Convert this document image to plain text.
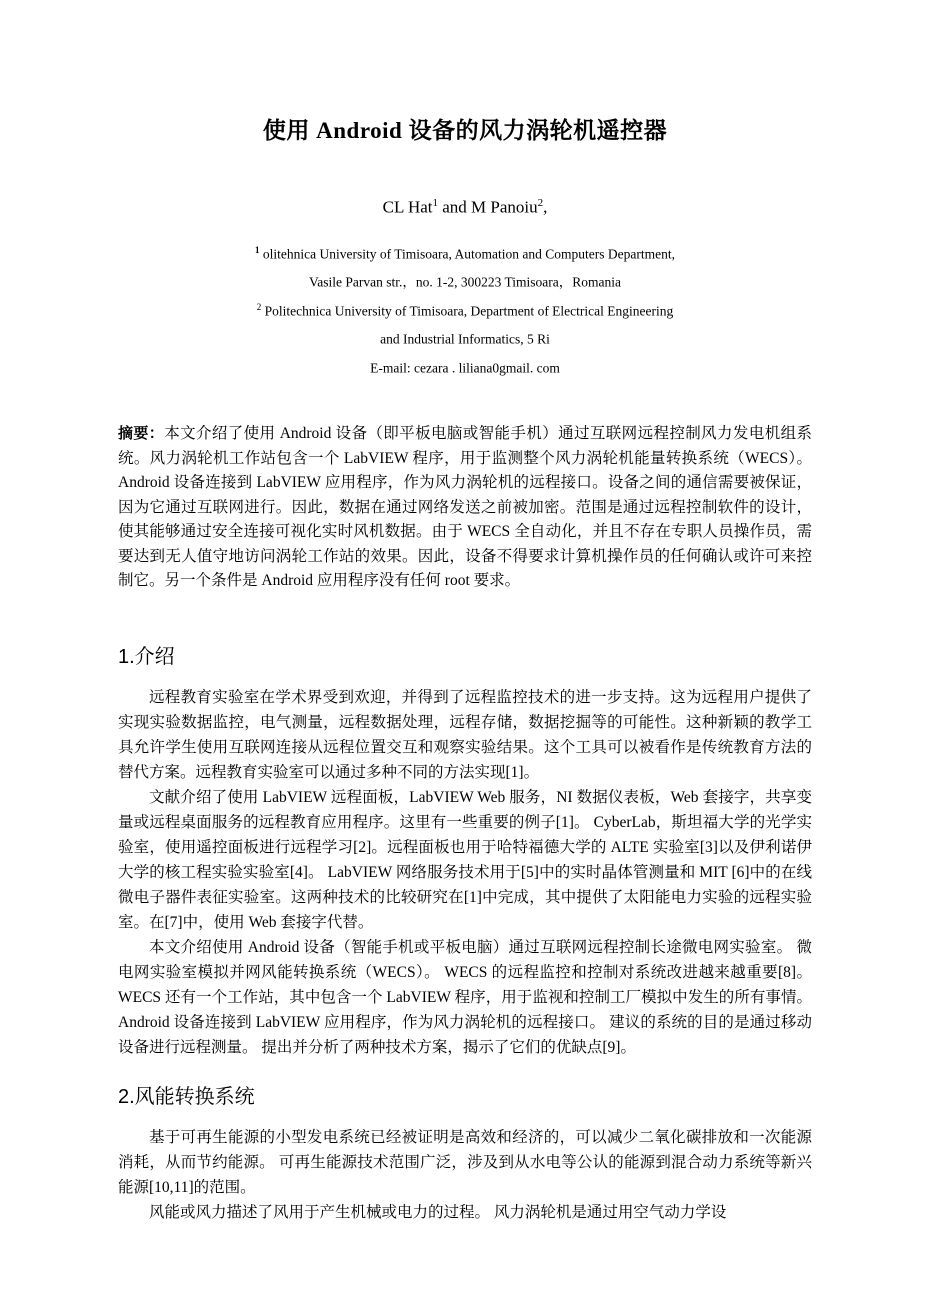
使用 Android 设备的风力涡轮机遥控器
CL Hat$^1$ and M Panoiu$^2$,
$^1$ olitehnica University of Timisoara, Automation and Computers Department,
Vasile Parvan str.，no. 1-2, 300223 Timisoara，Romania
$^2$ Politechnica University of Timisoara, Department of Electrical Engineering
and Industrial Informatics, 5 Ri
E-mail: cezara . liliana0gmail. com

摘要：本文介绍了使用 Android 设备（即平板电脑或智能手机）通过互联网远程控制风力发电机组系统。风力涡轮机工作站包含一个 LabVIEW 程序，用于监测整个风力涡轮机能量转换系统（WECS）。 Android 设备连接到 LabVIEW 应用程序，作为风力涡轮机的远程接口。设备之间的通信需要被保证，因为它通过互联网进行。因此，数据在通过网络发送之前被加密。范围是通过远程控制软件的设计，使其能够通过安全连接可视化实时风机数据。由于 WECS 全自动化，并且不存在专职人员操作员，需要达到无人值守地访问涡轮工作站的效果。因此，设备不得要求计算机操作员的任何确认或许可来控制它。另一个条件是 Android 应用程序没有任何 root 要求。

1.介绍

远程教育实验室在学术界受到欢迎，并得到了远程监控技术的进一步支持。这为远程用户提供了实现实验数据监控，电气测量，远程数据处理，远程存储，数据挖掘等的可能性。这种新颖的教学工具允许学生使用互联网连接从远程位置交互和观察实验结果。这个工具可以被看作是传统教育方法的替代方案。远程教育实验室可以通过多种不同的方法实现[1]。

文献介绍了使用 LabVIEW 远程面板，LabVIEW Web 服务，NI 数据仪表板，Web 套接字，共享变量或远程桌面服务的远程教育应用程序。这里有一些重要的例子[1]。 CyberLab，斯坦福大学的光学实验室，使用遥控面板进行远程学习[2]。远程面板也用于哈特福德大学的 ALTE 实验室[3]以及伊利诺伊大学的核工程实验实验室[4]。 LabVIEW 网络服务技术用于[5]中的实时晶体管测量和 MIT [6]中的在线微电子器件表征实验室。这两种技术的比较研究在[1]中完成，其中提供了太阳能电力实验的远程实验室。在[7]中，使用 Web 套接字代替。

本文介绍使用 Android 设备（智能手机或平板电脑）通过互联网远程控制长途微电网实验室。 微电网实验室模拟并网风能转换系统（WECS）。 WECS 的远程监控和控制对系统改进越来越重要[8]。 WECS 还有一个工作站，其中包含一个 LabVIEW 程序，用于监视和控制工厂模拟中发生的所有事情。 Android 设备连接到 LabVIEW 应用程序，作为风力涡轮机的远程接口。 建议的系统的目的是通过移动设备进行远程测量。 提出并分析了两种技术方案，揭示了它们的优缺点[9]。

2.风能转换系统

基于可再生能源的小型发电系统已经被证明是高效和经济的，可以减少二氧化碳排放和一次能源消耗，从而节约能源。 可再生能源技术范围广泛，涉及到从水电等公认的能源到混合动力系统等新兴能源[10,11]的范围。

风能或风力描述了风用于产生机械或电力的过程。 风力涡轮机是通过用空气动力学设
